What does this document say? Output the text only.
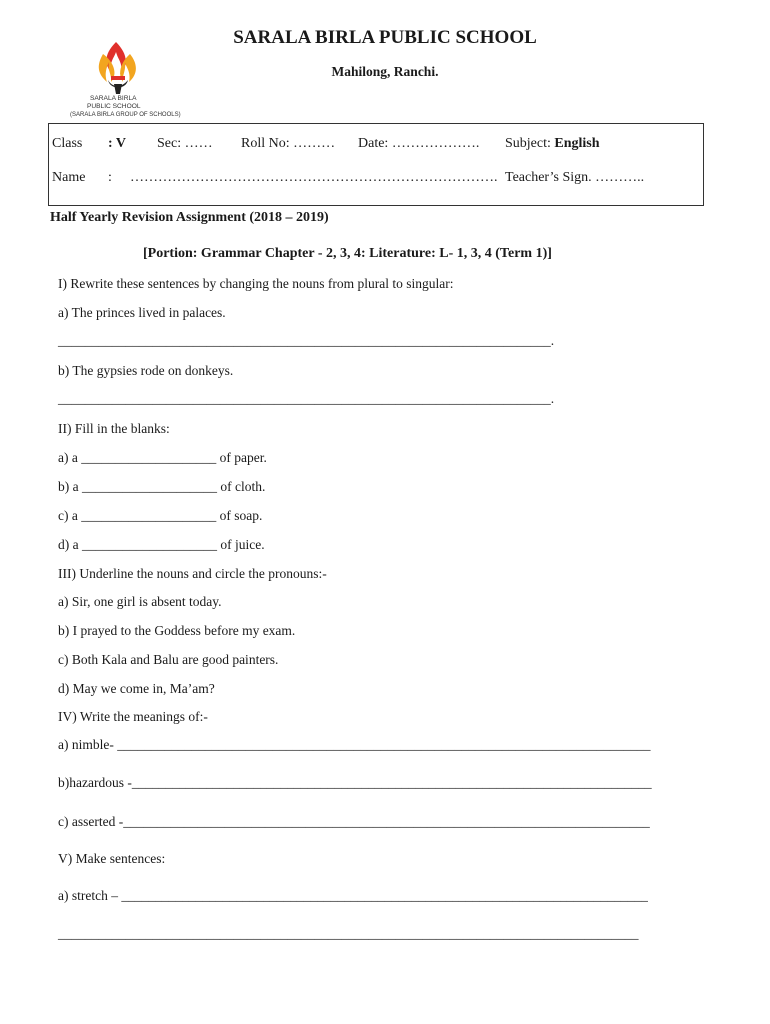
SARALA BIRLA PUBLIC SCHOOL
Mahilong, Ranchi.
SARALA BIRLA
PUBLIC SCHOOL
(SARALA BIRLA GROUP OF SCHOOLS)
Class : V Sec: …… Roll No: ……… Date: ………………. Subject: English
Name : ……………………………………………………………………. Teacher’s Sign. ………..
Half Yearly Revision Assignment (2018 – 2019)
[Portion: Grammar Chapter - 2, 3, 4: Literature: L- 1, 3, 4 (Term 1)]
I) Rewrite these sentences by changing the nouns from plural to singular:
a) The princes lived in palaces.
_________________________________________________________________________.
b) The gypsies rode on donkeys.
_________________________________________________________________________.
II) Fill in the blanks:
a) a ____________________ of paper.
b) a ____________________ of cloth.
c) a ____________________ of soap.
d) a ____________________ of juice.
III) Underline the nouns and circle the pronouns:-
a) Sir, one girl is absent today.
b) I prayed to the Goddess before my exam.
c) Both Kala and Balu are good painters.
d) May we come in, Ma’am?
IV) Write the meanings of:-
a) nimble- _______________________________________________________________________________
b)hazardous -_____________________________________________________________________________
c) asserted -______________________________________________________________________________
V) Make sentences:
a) stretch – ______________________________________________________________________________
______________________________________________________________________________________
